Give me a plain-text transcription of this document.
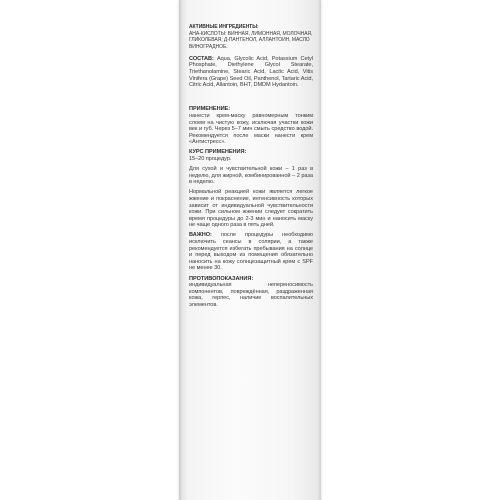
АКТИВНЫЕ ИНГРЕДИЕНТЫ:
АНА-КИСЛОТЫ: ВИННАЯ, ЛИМОННАЯ, МОЛОЧНАЯ, ГЛИКОЛЕВАЯ; Д-ПАНТЕНОЛ, АЛЛАНТОИН, МАСЛО ВИНОГРАДНОЕ.
СОСТАВ: Aqua, Glycolic Acid, Potassium Cetyl Phosphate, Diethylene Glycol Stearate, Triethanolamine, Stearic Acid, Lactic Acid, Vitis Vinifera (Grape) Seed Oil, Panthenol, Tartaric Acid, Citric Acid, Allantoin, BHT, DMDM Hydantoin.
ПРИМЕНЕНИЕ:
нанести крем-маску равномерным тонким слоем на чистую кожу, исключая участки кожи век и губ. Через 5–7 мин смыть средство водой. Рекомендуется после маски нанести крем «Антистресс».
КУРС ПРИМЕНЕНИЯ:
15–20 процедур.
Для сухой и чувствительной кожи – 1 раз в неделю, для жирной, комбинированной – 2 раза в неделю.
Нормальной реакцией кожи является легкое жжение и покраснение, интенсивность которых зависит от индивидуальной чувствительности кожи. При сильном жжении следует сократить время процедуры до 2-3 мин и наносить маску не чаще одного раза в пять дней.
ВАЖНО: после процедуры необходимо исключить сеансы в солярии, а также рекомендуется избегать пребывания на солнце и перед выходом из помещения обязательно наносить на кожу солнцезащитный крем с SPF не менее 30.
ПРОТИВОПОКАЗАНИЯ:
индивидуальная непереносимость компонентов, повреждённая, раздраженная кожа, герпес, наличие воспалительных элементов.
